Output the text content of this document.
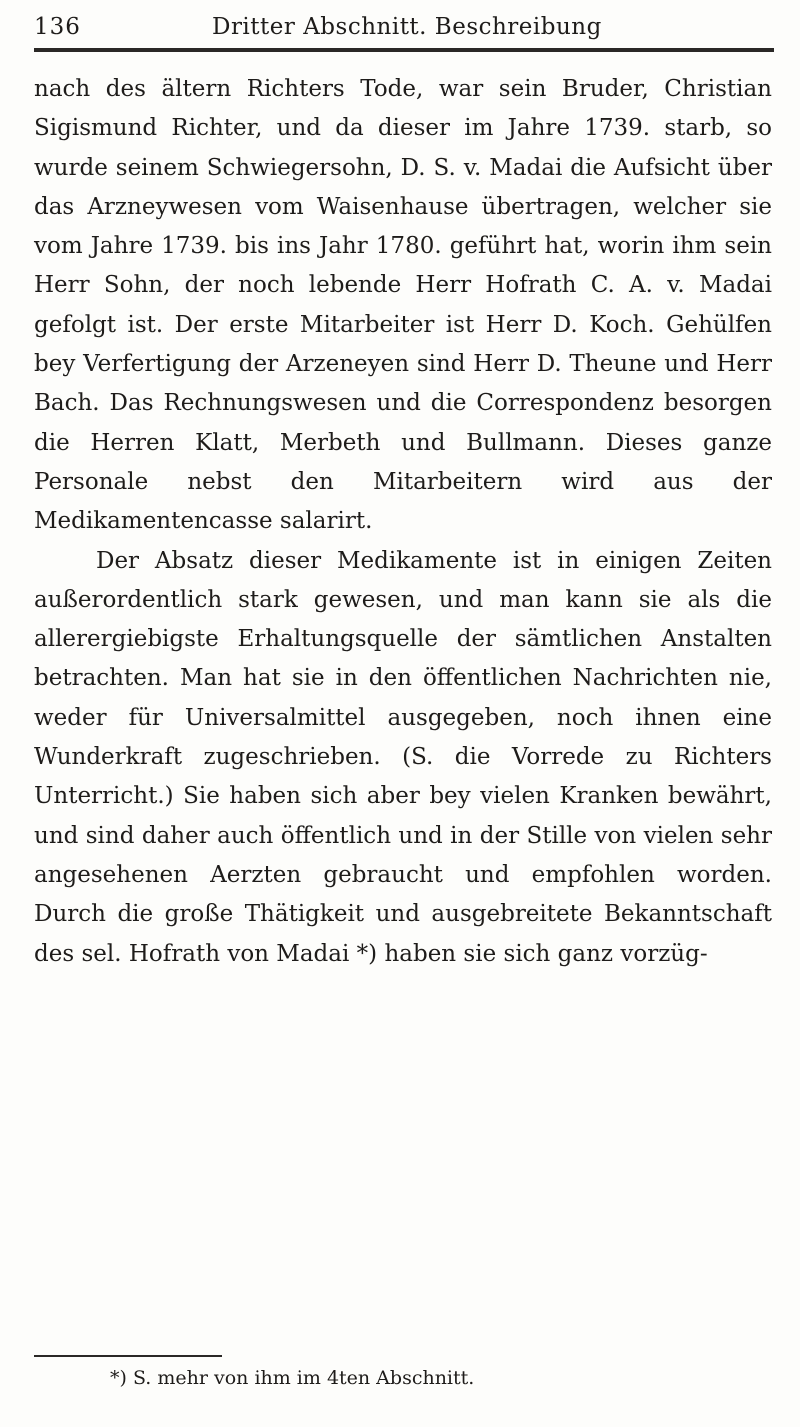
136	Dritter Abschnitt. Beschreibung

nach des ältern Richters Tode, war sein Bruder, Christian Sigismund Richter, und da dieser im Jahre 1739. starb, so wurde seinem Schwiegersohn, D. S. v. Madai die Aufsicht über das Arzneywesen vom Waisenhause übertragen, welcher sie vom Jahre 1739. bis ins Jahr 1780. geführt hat, worin ihm sein Herr Sohn, der noch lebende Herr Hofrath C. A. v. Madai gefolgt ist. Der erste Mitarbeiter ist Herr D. Koch. Gehülfen bey Verfertigung der Arzeneyen sind Herr D. Theune und Herr Bach. Das Rechnungswesen und die Correspondenz besorgen die Herren Klatt, Merbeth und Bullmann. Dieses ganze Personale nebst den Mitarbeitern wird aus der Medikamentencasse salarirt.

Der Absatz dieser Medikamente ist in einigen Zeiten außerordentlich stark gewesen, und man kann sie als die allerergiebigste Erhaltungsquelle der sämtlichen Anstalten betrachten. Man hat sie in den öffentlichen Nachrichten nie, weder für Universalmittel ausgegeben, noch ihnen eine Wunderkraft zugeschrieben. (S. die Vorrede zu Richters Unterricht.) Sie haben sich aber bey vielen Kranken bewährt, und sind daher auch öffentlich und in der Stille von vielen sehr angesehenen Aerzten gebraucht und empfohlen worden. Durch die große Thätigkeit und ausgebreitete Bekanntschaft des sel. Hofrath von Madai *) haben sie sich ganz vorzüg-

*) S. mehr von ihm im 4ten Abschnitt.
